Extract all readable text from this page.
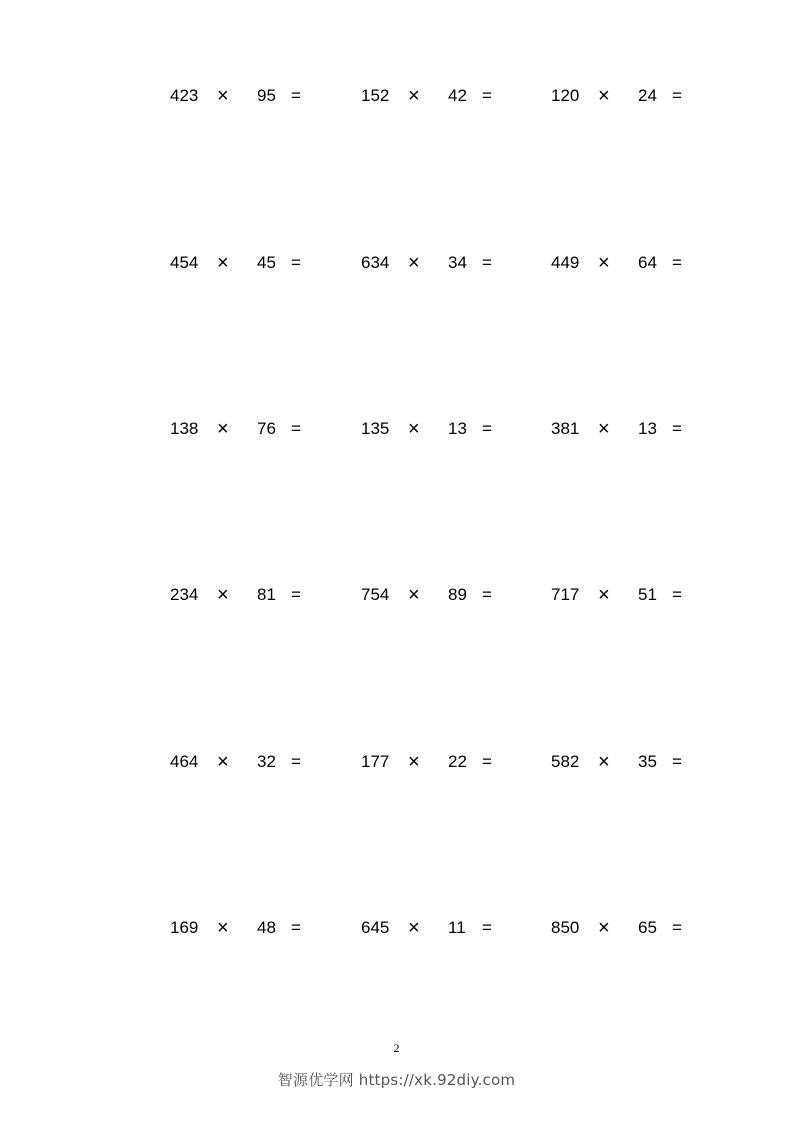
423 × 95 =	152 × 42 =	120 × 24 =
454 × 45 =	634 × 34 =	449 × 64 =
138 × 76 =	135 × 13 =	381 × 13 =
234 × 81 =	754 × 89 =	717 × 51 =
464 × 32 =	177 × 22 =	582 × 35 =
169 × 48 =	645 × 11 =	850 × 65 =
2
智源优学网 https://xk.92diy.com
